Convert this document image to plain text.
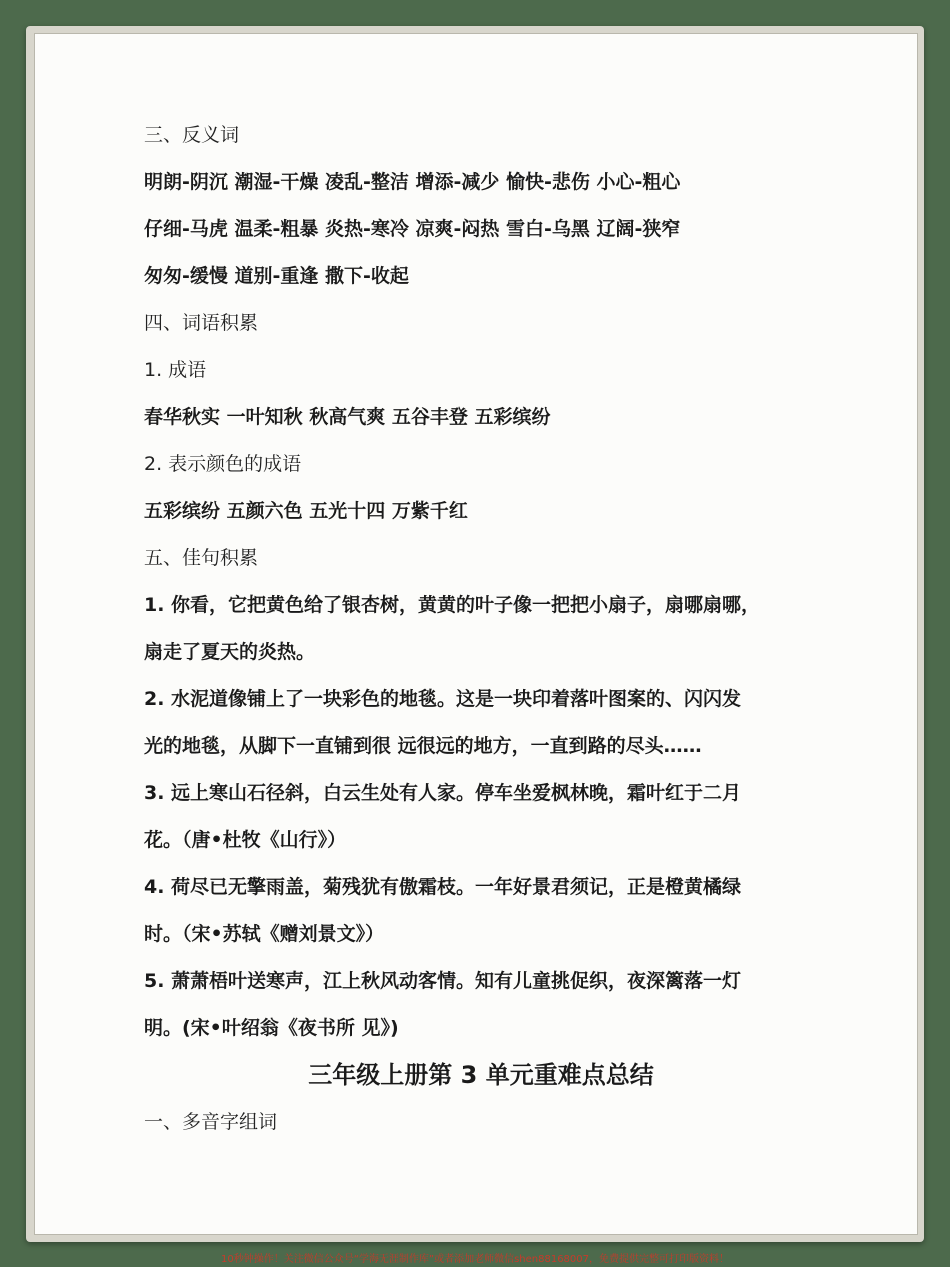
三、反义词
明朗-阴沉 潮湿-干燥 凌乱-整洁 增添-减少 愉快-悲伤 小心-粗心
仔细-马虎 温柔-粗暴 炎热-寒冷 凉爽-闷热 雪白-乌黑 辽阔-狭窄
匆匆-缓慢 道别-重逢 撒下-收起
四、词语积累
1. 成语
春华秋实 一叶知秋 秋高气爽 五谷丰登 五彩缤纷
2. 表示颜色的成语
五彩缤纷 五颜六色 五光十四 万紫千红
五、佳句积累
1. 你看，它把黄色给了银杏树，黄黄的叶子像一把把小扇子，扇哪扇哪，
扇走了夏天的炎热。
2. 水泥道像铺上了一块彩色的地毯。这是一块印着落叶图案的、闪闪发
光的地毯，从脚下一直铺到很 远很远的地方，一直到路的尽头……
3. 远上寒山石径斜，白云生处有人家。停车坐爱枫林晚，霜叶红于二月
花。（唐•杜牧《山行》）
4. 荷尽已无擎雨盖，菊残犹有傲霜枝。一年好景君须记，正是橙黄橘绿
时。（宋•苏轼《赠刘景文》）
5. 萧萧梧叶送寒声，江上秋风动客情。知有儿童挑促织，夜深篱落一灯
明。(宋•叶绍翁《夜书所 见》)
三年级上册第 3 单元重难点总结
一、多音字组词
10秒钟操作！关注微信公众号“学海无涯制作库”或者添加老师微信shen88168007，免费提供完整可打印版资料！
